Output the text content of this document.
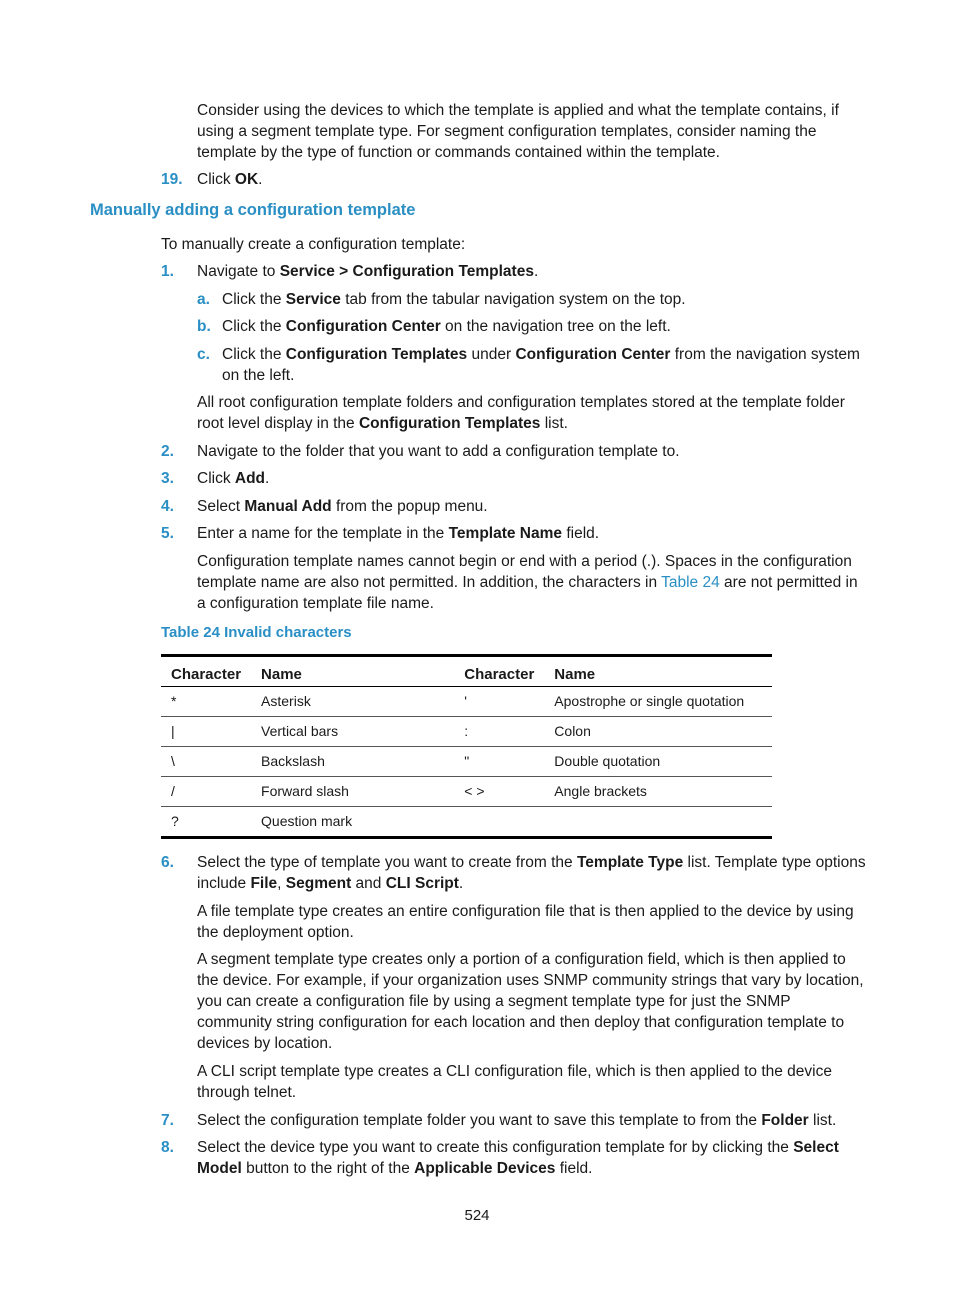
Consider using the devices to which the template is applied and what the template contains, if using a segment template type. For segment configuration templates, consider naming the template by the type of function or commands contained within the template.

19. Click OK.

Manually adding a configuration template

To manually create a configuration template:

1. Navigate to Service > Configuration Templates.

a. Click the Service tab from the tabular navigation system on the top.

b. Click the Configuration Center on the navigation tree on the left.

c. Click the Configuration Templates under Configuration Center from the navigation system on the left.

All root configuration template folders and configuration templates stored at the template folder root level display in the Configuration Templates list.

2. Navigate to the folder that you want to add a configuration template to.

3. Click Add.

4. Select Manual Add from the popup menu.

5. Enter a name for the template in the Template Name field.

Configuration template names cannot begin or end with a period (.). Spaces in the configuration template name are also not permitted. In addition, the characters in Table 24 are not permitted in a configuration template file name.

Table 24 Invalid characters
Character	Name	Character	Name
*	Asterisk	'	Apostrophe or single quotation
|	Vertical bars	:	Colon
\	Backslash	"	Double quotation
/	Forward slash	< >	Angle brackets
?	Question mark		
6. Select the type of template you want to create from the Template Type list. Template type options include File, Segment and CLI Script.

A file template type creates an entire configuration file that is then applied to the device by using the deployment option.

A segment template type creates only a portion of a configuration field, which is then applied to the device. For example, if your organization uses SNMP community strings that vary by location, you can create a configuration file by using a segment template type for just the SNMP community string configuration for each location and then deploy that configuration template to devices by location.

A CLI script template type creates a CLI configuration file, which is then applied to the device through telnet.

7. Select the configuration template folder you want to save this template to from the Folder list.

8. Select the device type you want to create this configuration template for by clicking the Select Model button to the right of the Applicable Devices field.

524
